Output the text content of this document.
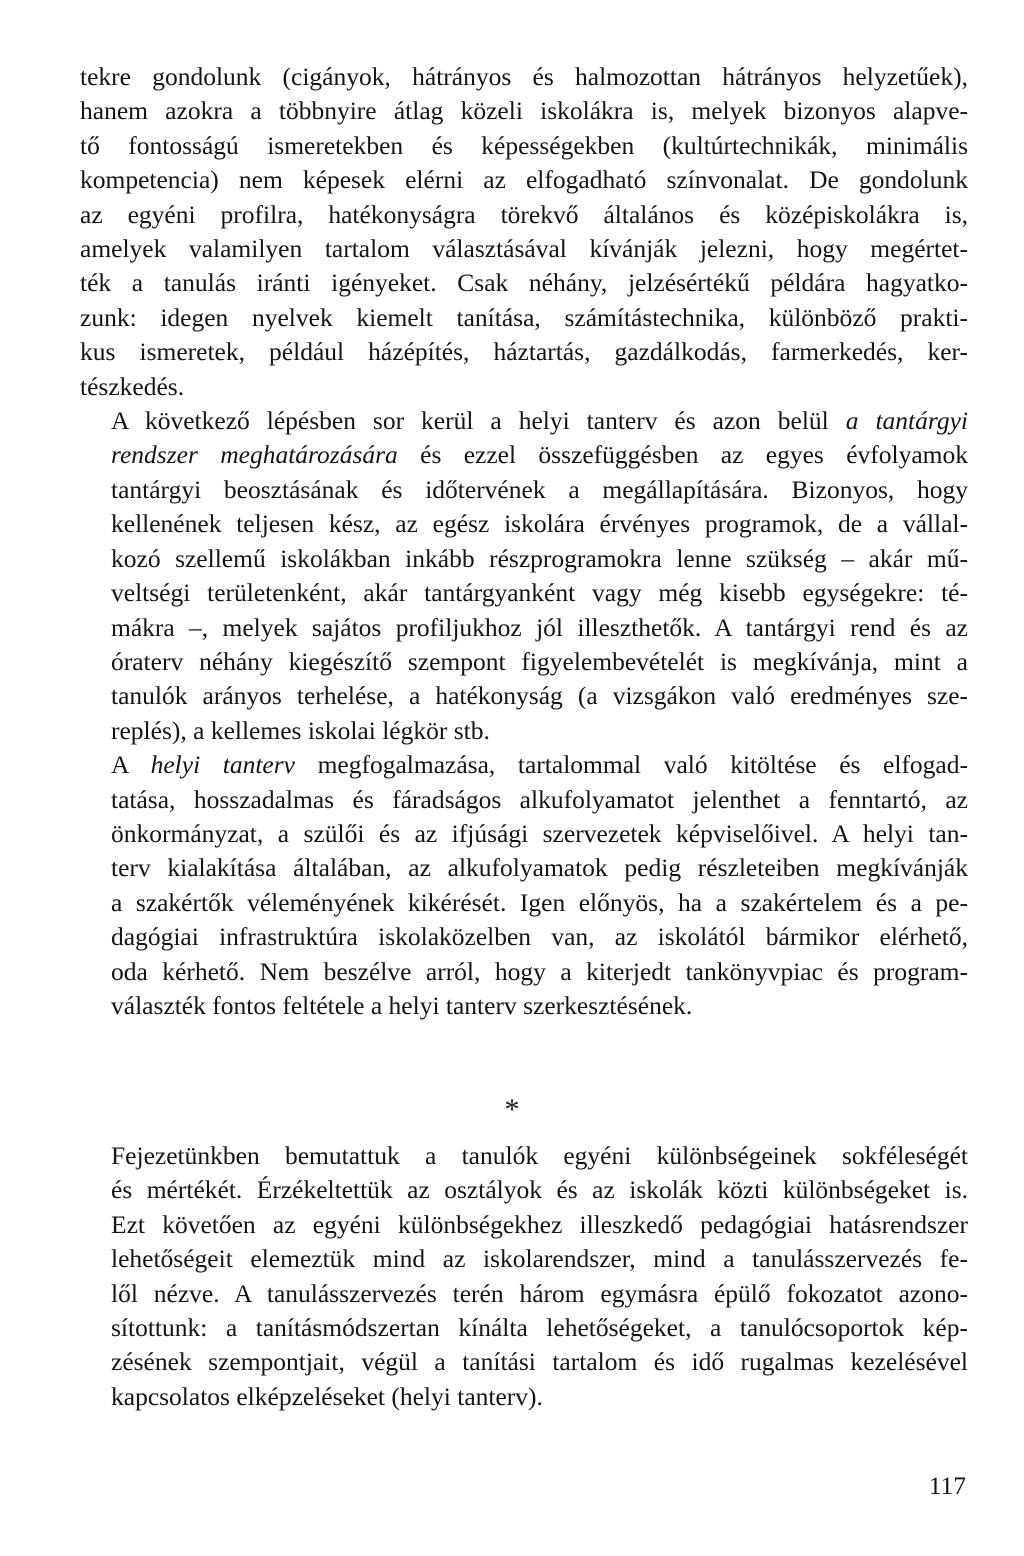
tekre gondolunk (cigányok, hátrányos és halmozottan hátrányos helyzetűek),
hanem azokra a többnyire átlag közeli iskolákra is, melyek bizonyos alapve-
tő fontosságú ismeretekben és képességekben (kultúrtechnikák, minimális
kompetencia) nem képesek elérni az elfogadható színvonalat. De gondolunk
az egyéni profilra, hatékonyságra törekvő általános és középiskolákra is,
amelyek valamilyen tartalom választásával kívánják jelezni, hogy megértet-
ték a tanulás iránti igényeket. Csak néhány, jelzésértékű példára hagyatko-
zunk: idegen nyelvek kiemelt tanítása, számítástechnika, különböző prakti-
kus ismeretek, például házépítés, háztartás, gazdálkodás, farmerkedés, ker-
tészkedés.
A következő lépésben sor kerül a helyi tanterv és azon belül a tantárgyi
rendszer meghatározására és ezzel összefüggésben az egyes évfolyamok
tantárgyi beosztásának és időtervének a megállapítására. Bizonyos, hogy
kellenének teljesen kész, az egész iskolára érvényes programok, de a vállal-
kozó szellemű iskolákban inkább részprogramokra lenne szükség – akár mű-
veltségi területenként, akár tantárgyanként vagy még kisebb egységekre: té-
mákra –, melyek sajátos profiljukhoz jól illeszthetők. A tantárgyi rend és az
óraterv néhány kiegészítő szempont figyelembevételét is megkívánja, mint a
tanulók arányos terhelése, a hatékonyság (a vizsgákon való eredményes sze-
replés), a kellemes iskolai légkör stb.
A helyi tanterv megfogalmazása, tartalommal való kitöltése és elfogad-
tatása, hosszadalmas és fáradságos alkufolyamatot jelenthet a fenntartó, az
önkormányzat, a szülői és az ifjúsági szervezetek képviselőivel. A helyi tan-
terv kialakítása általában, az alkufolyamatok pedig részleteiben megkívánják
a szakértők véleményének kikérését. Igen előnyös, ha a szakértelem és a pe-
dagógiai infrastruktúra iskolaközelben van, az iskolától bármikor elérhető,
oda kérhető. Nem beszélve arról, hogy a kiterjedt tankönyvpiac és program-
választék fontos feltétele a helyi tanterv szerkesztésének.
*
Fejezetünkben bemutattuk a tanulók egyéni különbségeinek sokféleségét
és mértékét. Érzékeltettük az osztályok és az iskolák közti különbségeket is.
Ezt követően az egyéni különbségekhez illeszkedő pedagógiai hatásrendszer
lehetőségeit elemeztük mind az iskolarendszer, mind a tanulásszervezés fe-
lől nézve. A tanulásszervezés terén három egymásra épülő fokozatot azono-
sítottunk: a tanításmódszertan kínálta lehetőségeket, a tanulócsoportok kép-
zésének szempontjait, végül a tanítási tartalom és idő rugalmas kezelésével
kapcsolatos elképzeléseket (helyi tanterv).
117
